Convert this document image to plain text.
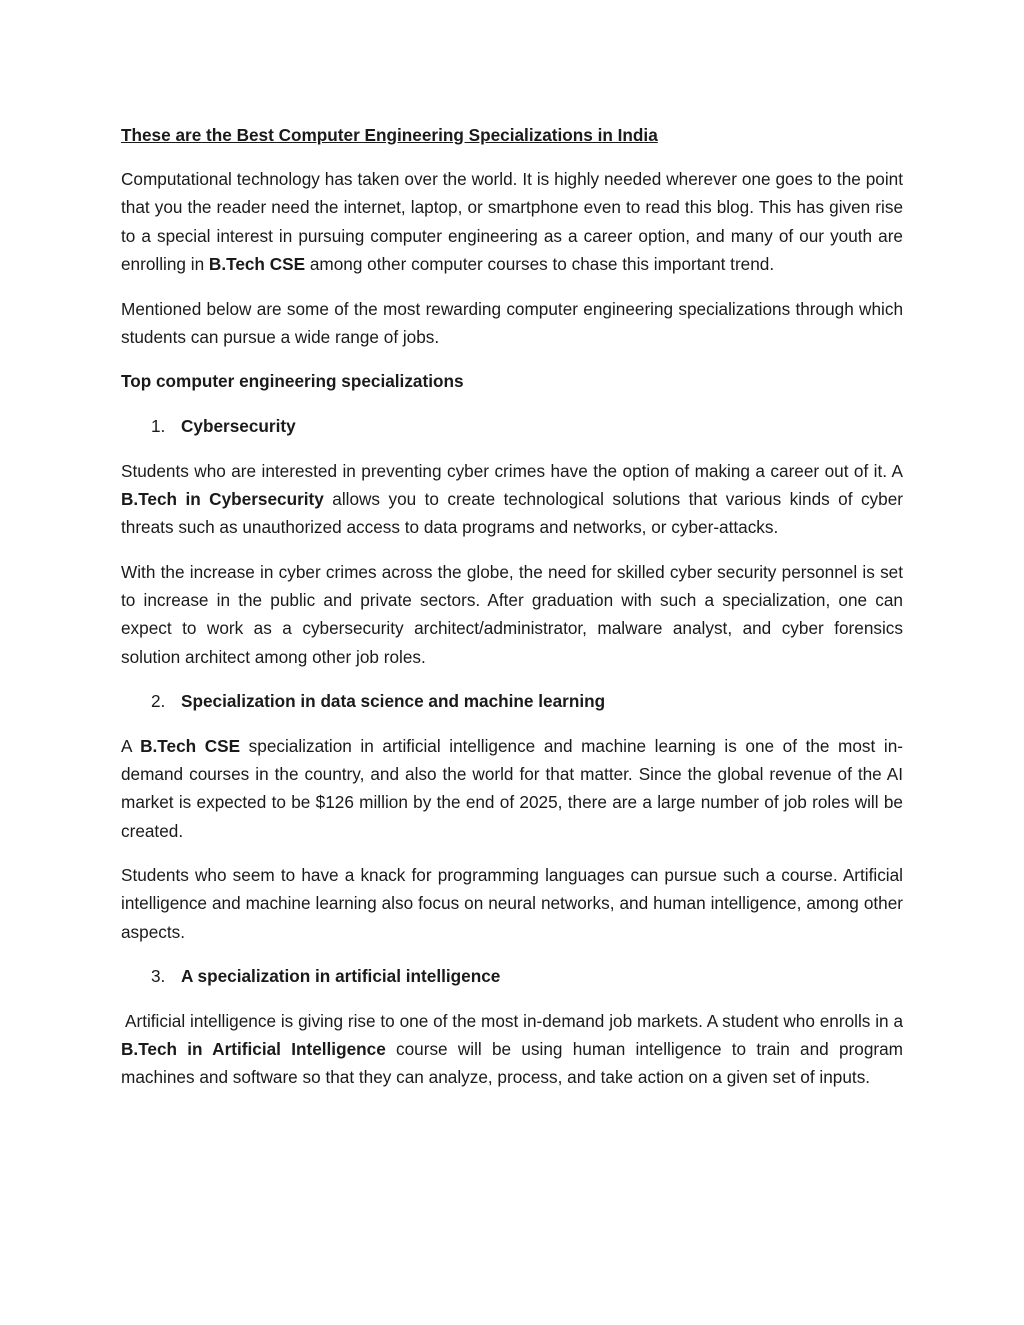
These are the Best Computer Engineering Specializations in India

Computational technology has taken over the world. It is highly needed wherever one goes to the point that you the reader need the internet, laptop, or smartphone even to read this blog. This has given rise to a special interest in pursuing computer engineering as a career option, and many of our youth are enrolling in B.Tech CSE among other computer courses to chase this important trend.

Mentioned below are some of the most rewarding computer engineering specializations through which students can pursue a wide range of jobs.

Top computer engineering specializations
1. Cybersecurity

Students who are interested in preventing cyber crimes have the option of making a career out of it. A B.Tech in Cybersecurity allows you to create technological solutions that various kinds of cyber threats such as unauthorized access to data programs and networks, or cyber-attacks.

With the increase in cyber crimes across the globe, the need for skilled cyber security personnel is set to increase in the public and private sectors. After graduation with such a specialization, one can expect to work as a cybersecurity architect/administrator, malware analyst, and cyber forensics solution architect among other job roles.

2. Specialization in data science and machine learning

A B.Tech CSE specialization in artificial intelligence and machine learning is one of the most in-demand courses in the country, and also the world for that matter. Since the global revenue of the AI market is expected to be $126 million by the end of 2025, there are a large number of job roles will be created.

Students who seem to have a knack for programming languages can pursue such a course. Artificial intelligence and machine learning also focus on neural networks, and human intelligence, among other aspects.

3. A specialization in artificial intelligence

Artificial intelligence is giving rise to one of the most in-demand job markets. A student who enrolls in a B.Tech in Artificial Intelligence course will be using human intelligence to train and program machines and software so that they can analyze, process, and take action on a given set of inputs.
